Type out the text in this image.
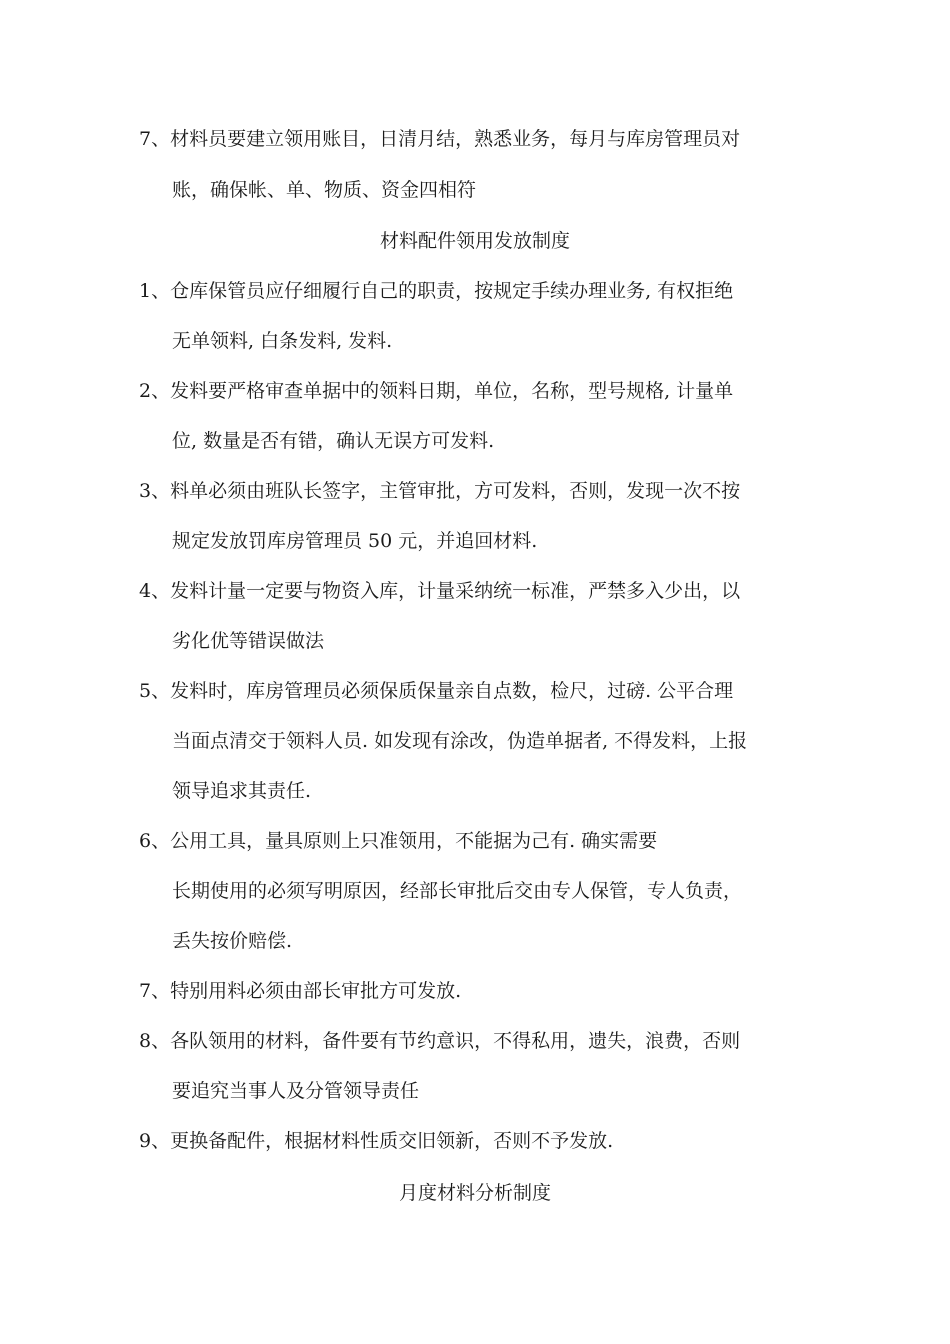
7、材料员要建立领用账目，日清月结，熟悉业务，每月与库房管理员对
账，确保帐、单、物质、资金四相符
材料配件领用发放制度
1、仓库保管员应仔细履行自己的职责，按规定手续办理业务, 有权拒绝
无单领料, 白条发料, 发料.
2、发料要严格审查单据中的领料日期，单位，名称，型号规格, 计量单
位, 数量是否有错，确认无误方可发料.
3、料单必须由班队长签字，主管审批，方可发料，否则，发现一次不按
规定发放罚库房管理员 50 元，并追回材料.
4、发料计量一定要与物资入库，计量采纳统一标准，严禁多入少出，以
劣化优等错误做法
5、发料时，库房管理员必须保质保量亲自点数，检尺，过磅. 公平合理
当面点清交于领料人员. 如发现有涂改，伪造单据者, 不得发料，上报
领导追求其责任.
6、公用工具，量具原则上只准领用，不能据为己有. 确实需要
长期使用的必须写明原因，经部长审批后交由专人保管，专人负责，
丢失按价赔偿.
7、特别用料必须由部长审批方可发放.
8、各队领用的材料，备件要有节约意识，不得私用，遗失，浪费，否则
要追究当事人及分管领导责任
9、更换备配件，根据材料性质交旧领新，否则不予发放.
月度材料分析制度
